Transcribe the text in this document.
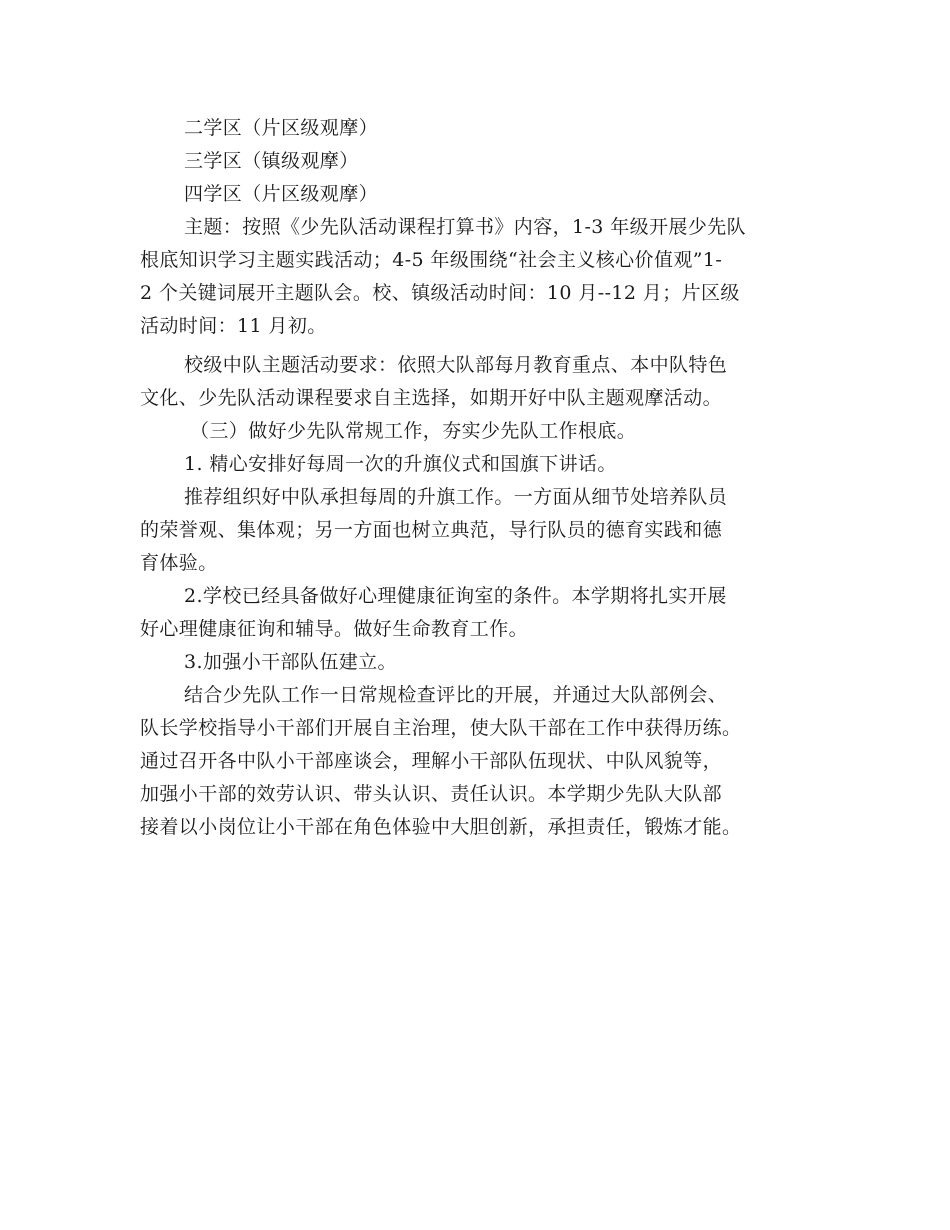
二学区（片区级观摩）
三学区（镇级观摩）
四学区（片区级观摩）
主题：按照《少先队活动课程打算书》内容，1-3 年级开展少先队
根底知识学习主题实践活动；4-5 年级围绕“社会主义核心价值观”1-
2 个关键词展开主题队会。校、镇级活动时间：10 月--12 月；片区级
活动时间：11 月初。
校级中队主题活动要求：依照大队部每月教育重点、本中队特色
文化、少先队活动课程要求自主选择，如期开好中队主题观摩活动。
（三）做好少先队常规工作，夯实少先队工作根底。
1. 精心安排好每周一次的升旗仪式和国旗下讲话。
推荐组织好中队承担每周的升旗工作。一方面从细节处培养队员
的荣誉观、集体观；另一方面也树立典范，导行队员的德育实践和德
育体验。
2.学校已经具备做好心理健康征询室的条件。本学期将扎实开展
好心理健康征询和辅导。做好生命教育工作。
3.加强小干部队伍建立。
结合少先队工作一日常规检查评比的开展，并通过大队部例会、
队长学校指导小干部们开展自主治理，使大队干部在工作中获得历练。
通过召开各中队小干部座谈会，理解小干部队伍现状、中队风貌等，
加强小干部的效劳认识、带头认识、责任认识。本学期少先队大队部
接着以小岗位让小干部在角色体验中大胆创新，承担责任，锻炼才能。
